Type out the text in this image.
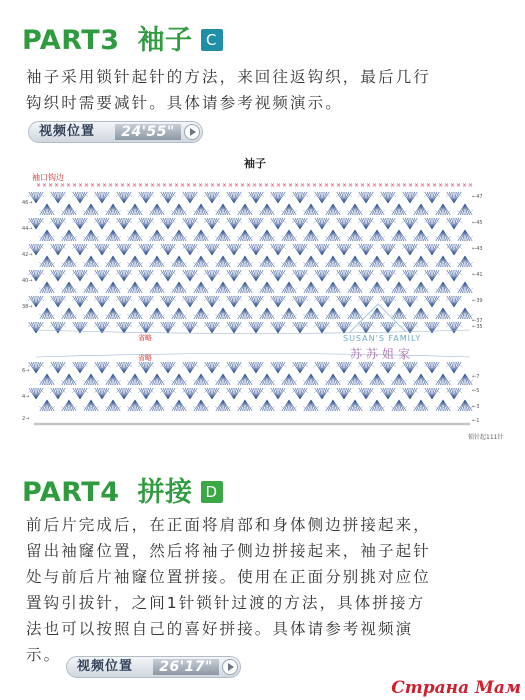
PART3 袖子 C
袖子采用锁针起针的方法，来回往返钩织，最后几行
钩织时需要减针。具体请参考视频演示。
视频位置	24'55"
袖子
袖口钩边
× × × × × × × × × × × × × × × × × × × × × × × × × × × × × × × × × × × × × × × × × × × × × × × × × × × × × × × × × × × × × × × × × × × × × × × × ×
46→
44→
42→
40→
38→
6→
4→
2→
←47
←45
←43
←41
←39
←37
←35
←7
←5
←3
←1
省略
省略
SUSAN'S FAMILY
苏苏姐家
锁针起111针
PART4 拼接 D
前后片完成后，在正面将肩部和身体侧边拼接起来，
留出袖窿位置，然后将袖子侧边拼接起来，袖子起针
处与前后片袖窿位置拼接。使用在正面分别挑对应位
置钩引拔针，之间1针锁针过渡的方法，具体拼接方
法也可以按照自己的喜好拼接。具体请参考视频演
示。
视频位置	26'17"
Страна Мам
